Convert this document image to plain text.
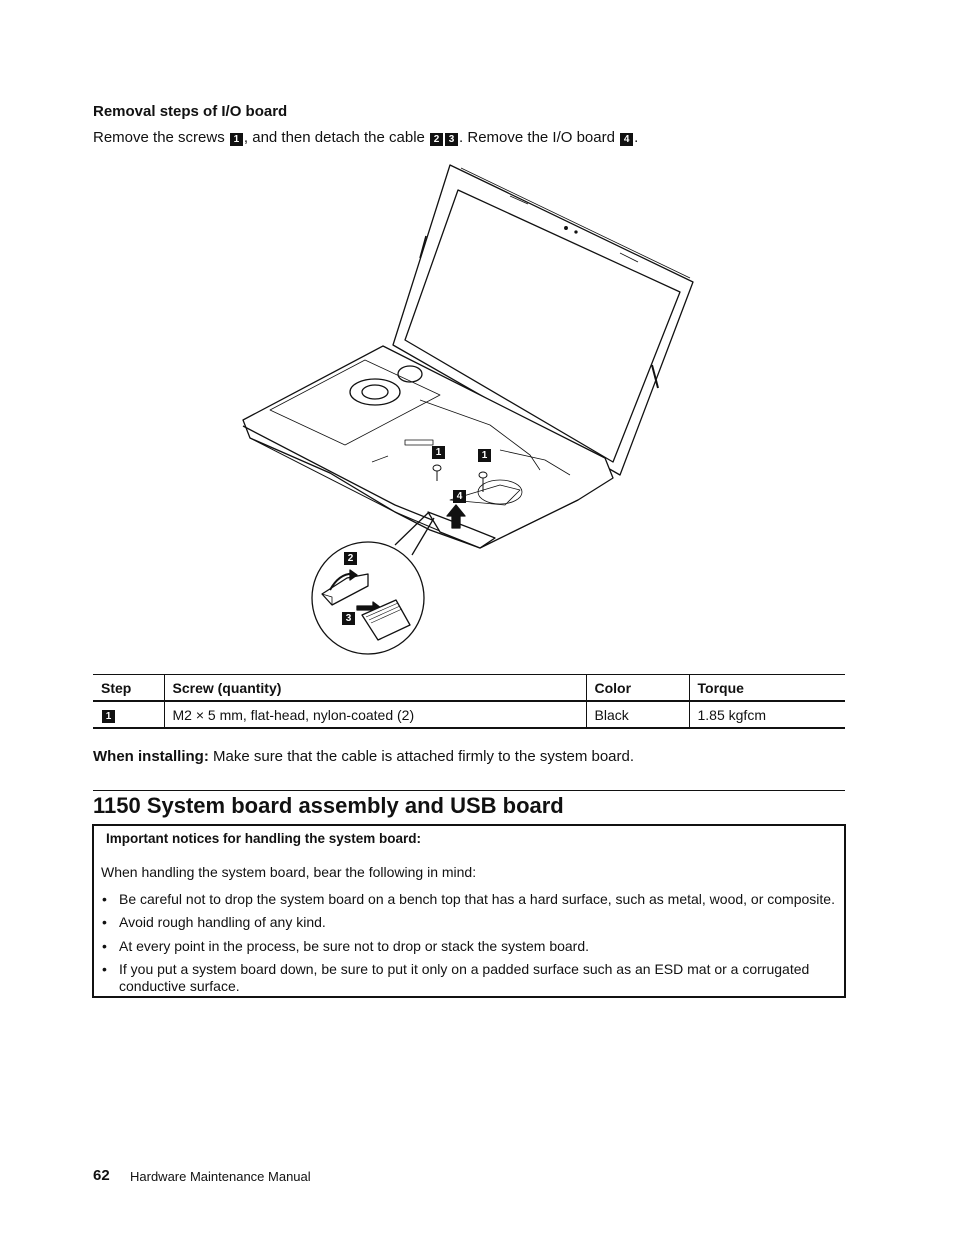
Removal steps of I/O board
Remove the screws 1 , and then detach the cable 2 3 . Remove the I/O board 4 .
1	1
4
2
3
Step	Screw (quantity)	Color	Torque
1	M2 × 5 mm, flat-head, nylon-coated (2)	Black	1.85 kgfcm
When installing: Make sure that the cable is attached firmly to the system board.
1150 System board assembly and USB board
Important notices for handling the system board:
When handling the system board, bear the following in mind:
• Be careful not to drop the system board on a bench top that has a hard surface, such as metal, wood, or composite.
• Avoid rough handling of any kind.
• At every point in the process, be sure not to drop or stack the system board.
• If you put a system board down, be sure to put it only on a padded surface such as an ESD mat or a corrugated conductive surface.
62 Hardware Maintenance Manual
